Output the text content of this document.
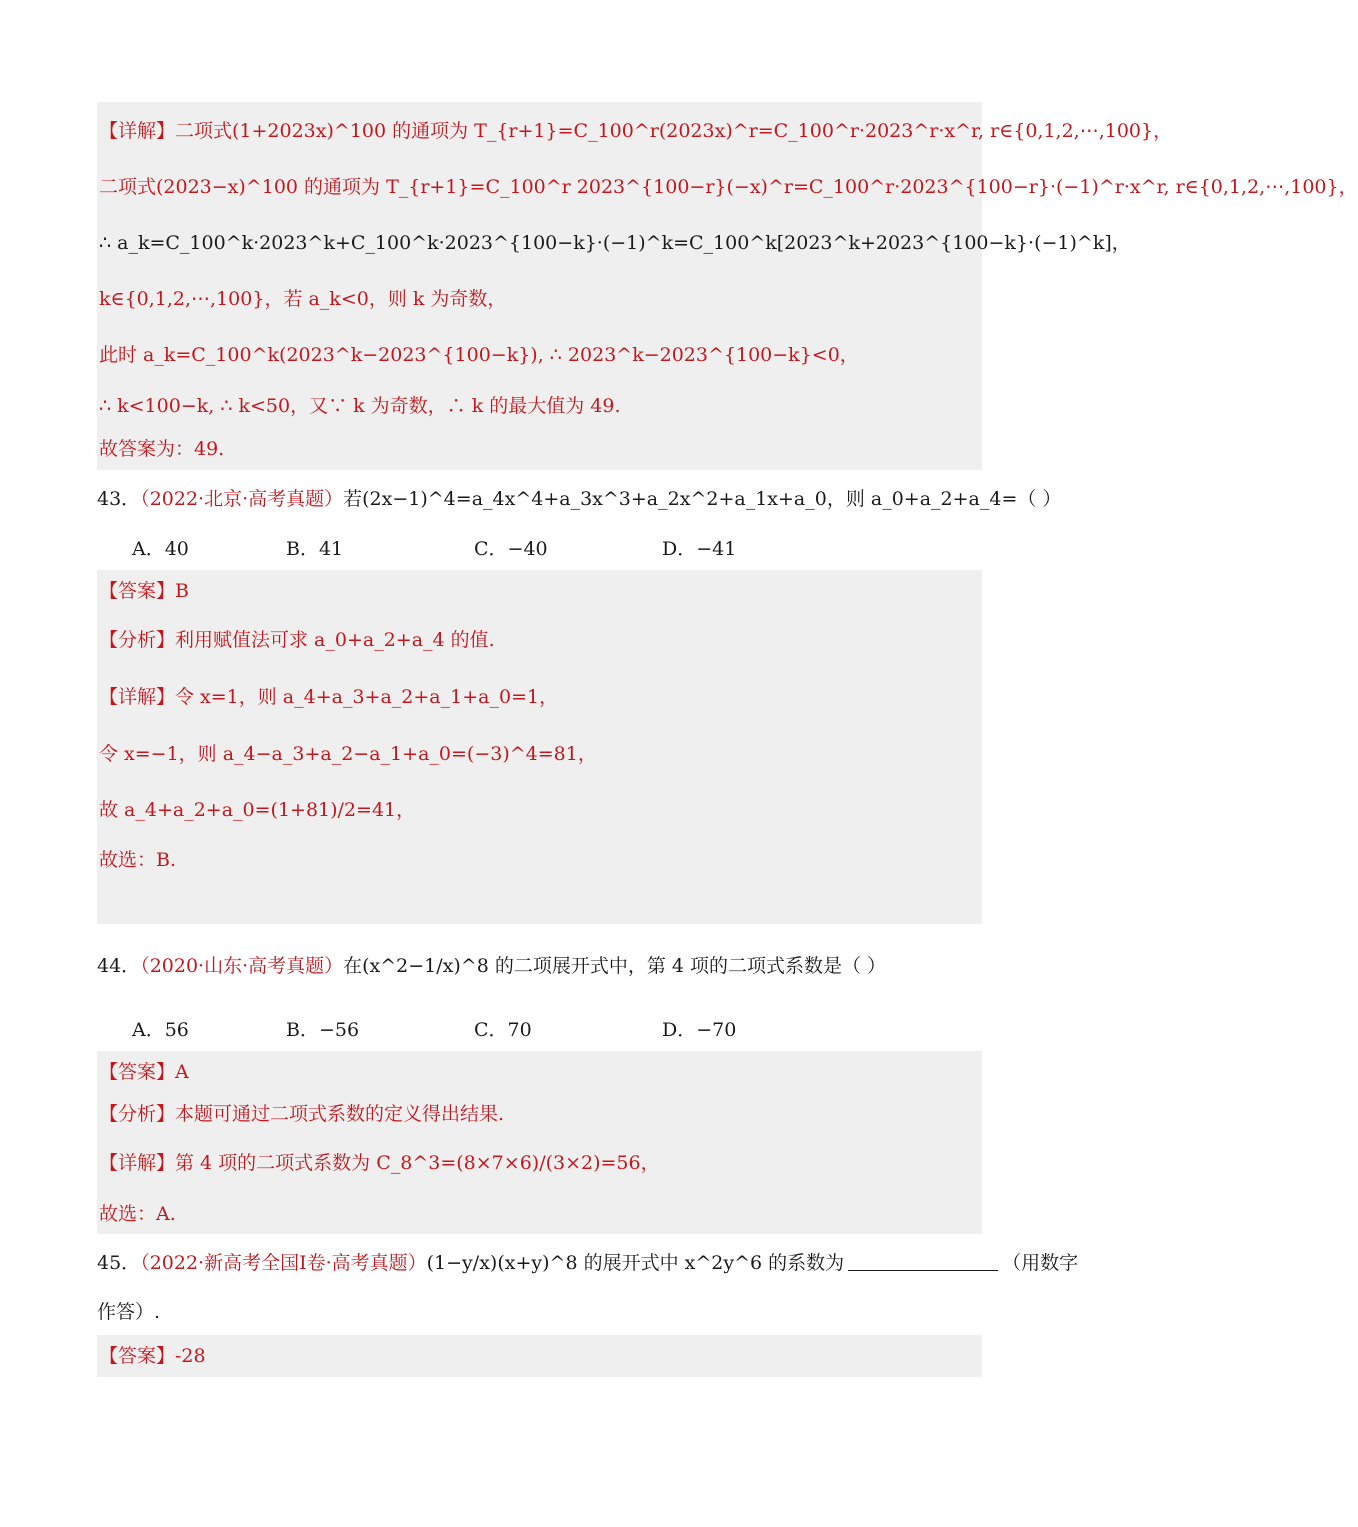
【详解】二项式(1+2023x)^100 的通项为 T_{r+1}=C_100^r(2023x)^r=C_100^r·2023^r·x^r, r∈{0,1,2,⋯,100}，
二项式(2023−x)^100 的通项为 T_{r+1}=C_100^r 2023^{100−r}(−x)^r=C_100^r·2023^{100−r}·(−1)^r·x^r, r∈{0,1,2,⋯,100}，
∴ a_k=C_100^k·2023^k+C_100^k·2023^{100−k}·(−1)^k=C_100^k[2023^k+2023^{100−k}·(−1)^k]，
k∈{0,1,2,⋯,100}，若 a_k<0，则 k 为奇数，
此时 a_k=C_100^k(2023^k−2023^{100−k}), ∴ 2023^k−2023^{100−k}<0，
∴ k<100−k, ∴ k<50，又∵ k 为奇数，∴ k 的最大值为 49.
故答案为：49.
43．（2022·北京·高考真题）若(2x−1)^4=a_4x^4+a_3x^3+a_2x^2+a_1x+a_0，则 a_0+a_2+a_4=（ ）
A．40	B．41	C．−40	D．−41
【答案】B
【分析】利用赋值法可求 a_0+a_2+a_4 的值.
【详解】令 x=1，则 a_4+a_3+a_2+a_1+a_0=1，
令 x=−1，则 a_4−a_3+a_2−a_1+a_0=(−3)^4=81，
故 a_4+a_2+a_0=(1+81)/2=41，
故选：B.
44．（2020·山东·高考真题）在(x^2−1/x)^8 的二项展开式中，第 4 项的二项式系数是（ ）
A．56	B．−56	C．70	D．−70
【答案】A
【分析】本题可通过二项式系数的定义得出结果.
【详解】第 4 项的二项式系数为 C_8^3=(8×7×6)/(3×2)=56，
故选：A.
45．（2022·新高考全国I卷·高考真题）(1−y/x)(x+y)^8 的展开式中 x^2y^6 的系数为	（用数字
作答）.
【答案】-28
